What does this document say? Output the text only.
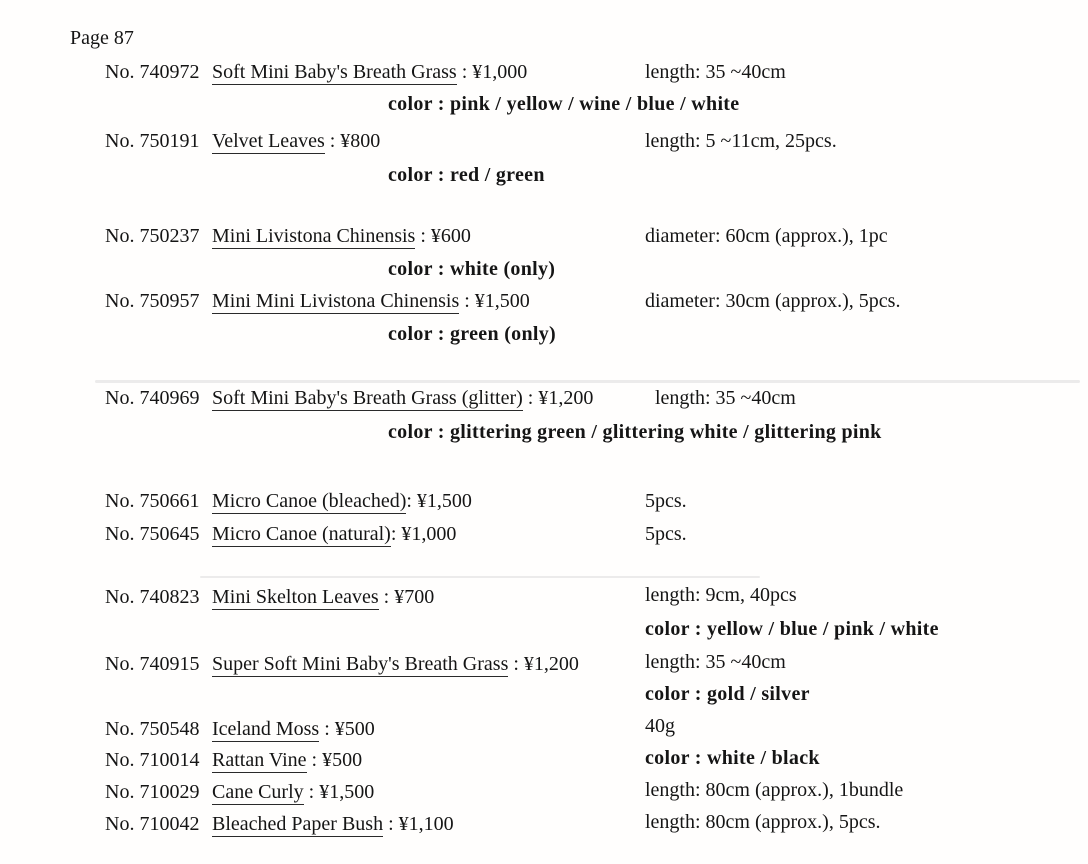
Page 87
No. 740972 Soft Mini Baby's Breath Grass : ¥1,000	length: 35 ~40cm
color : pink / yellow / wine / blue / white
No. 750191 Velvet Leaves : ¥800	length: 5 ~11cm, 25pcs.
color : red / green
No. 750237 Mini Livistona Chinensis : ¥600	diameter: 60cm (approx.), 1pc
color : white (only)
No. 750957 Mini Mini Livistona Chinensis : ¥1,500	diameter: 30cm (approx.), 5pcs.
color : green (only)
No. 740969 Soft Mini Baby's Breath Grass (glitter) : ¥1,200	length: 35 ~40cm
color : glittering green / glittering white / glittering pink
No. 750661 Micro Canoe (bleached): ¥1,500	5pcs.
No. 750645 Micro Canoe (natural): ¥1,000	5pcs.
No. 740823 Mini Skelton Leaves : ¥700	length: 9cm, 40pcs
color : yellow / blue / pink / white
No. 740915 Super Soft Mini Baby's Breath Grass : ¥1,200	length: 35 ~40cm
color : gold / silver
No. 750548 Iceland Moss : ¥500	40g
No. 710014 Rattan Vine : ¥500	color : white / black
No. 710029 Cane Curly : ¥1,500	length: 80cm (approx.), 1bundle
No. 710042 Bleached Paper Bush : ¥1,100	length: 80cm (approx.), 5pcs.
